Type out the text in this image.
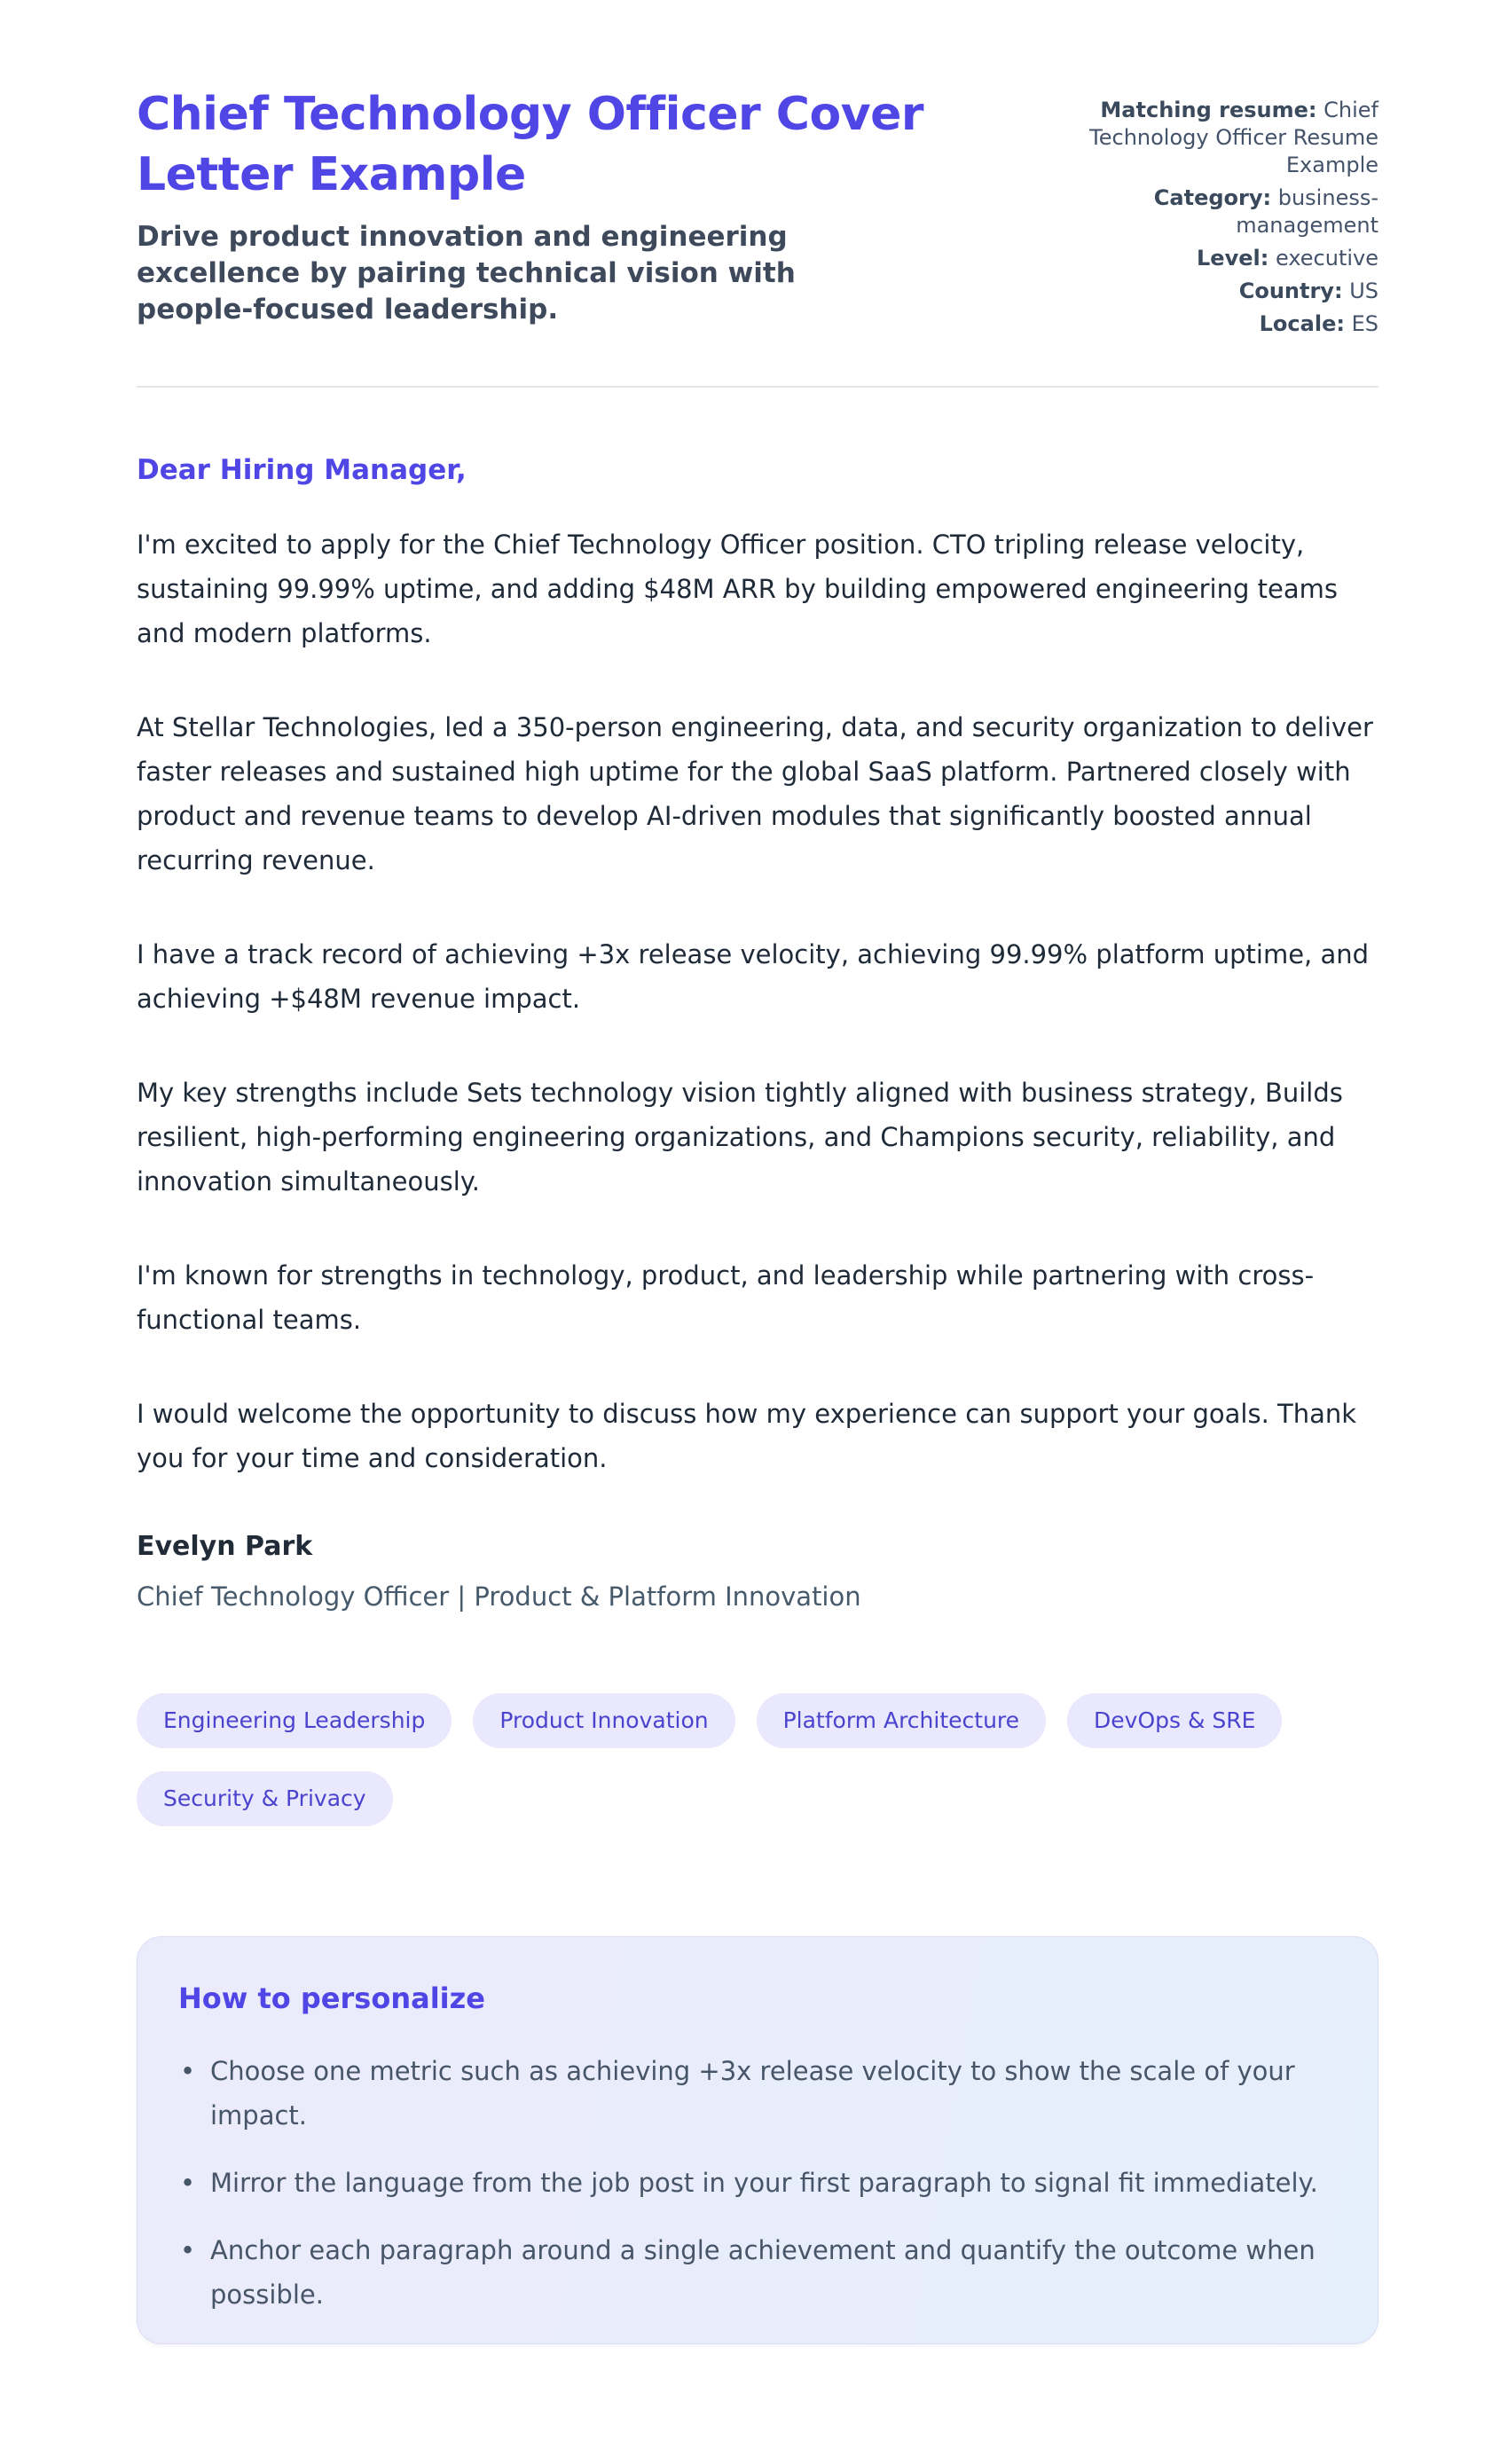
Chief Technology Officer Cover Letter Example

Drive product innovation and engineering excellence by pairing technical vision with people-focused leadership.

Matching resume: Chief Technology Officer Resume Example
Category: business-management
Level: executive
Country: US
Locale: ES
Dear Hiring Manager,

I'm excited to apply for the Chief Technology Officer position. CTO tripling release velocity, sustaining 99.99% uptime, and adding $48M ARR by building empowered engineering teams and modern platforms.

At Stellar Technologies, led a 350-person engineering, data, and security organization to deliver faster releases and sustained high uptime for the global SaaS platform. Partnered closely with product and revenue teams to develop AI-driven modules that significantly boosted annual recurring revenue.

I have a track record of achieving +3x release velocity, achieving 99.99% platform uptime, and achieving +$48M revenue impact.

My key strengths include Sets technology vision tightly aligned with business strategy, Builds resilient, high-performing engineering organizations, and Champions security, reliability, and innovation simultaneously.

I'm known for strengths in technology, product, and leadership while partnering with cross-functional teams.

I would welcome the opportunity to discuss how my experience can support your goals. Thank you for your time and consideration.

Evelyn Park

Chief Technology Officer | Product & Platform Innovation

Engineering Leadership	Product Innovation	Platform Architecture	DevOps & SRE
Security & Privacy
How to personalize
• Choose one metric such as achieving +3x release velocity to show the scale of your impact.
• Mirror the language from the job post in your first paragraph to signal fit immediately.
• Anchor each paragraph around a single achievement and quantify the outcome when possible.
